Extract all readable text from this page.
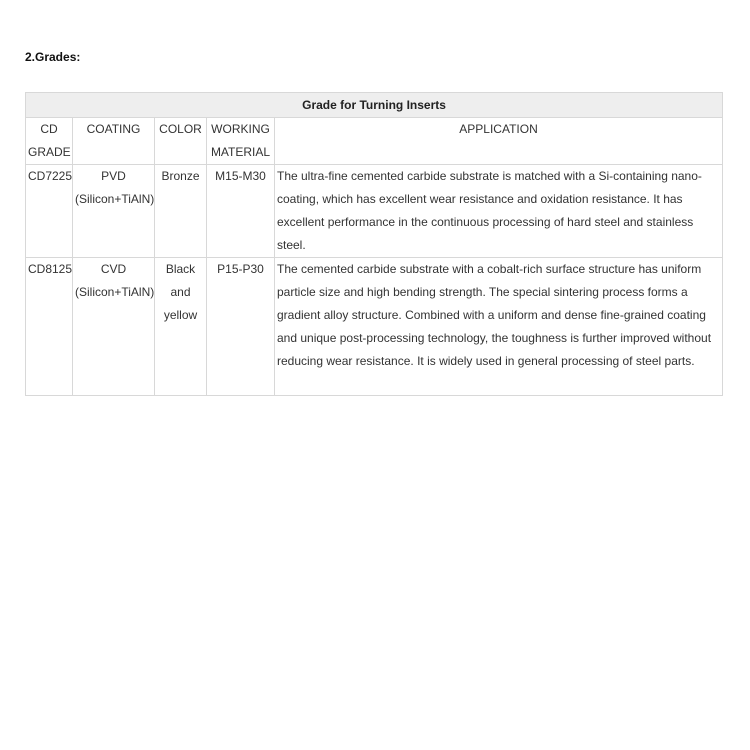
2.Grades:
Grade for Turning Inserts				
CD GRADE	COATING	COLOR	WORKING MATERIAL	APPLICATION
CD7225	PVD (Silicon+TiAlN)	Bronze	M15-M30	The ultra-fine cemented carbide substrate is matched with a Si-containing nano-coating, which has excellent wear resistance and oxidation resistance. It has excellent performance in the continuous processing of hard steel and stainless steel.
CD8125	CVD (Silicon+TiAlN)	Black and yellow	P15-P30	The cemented carbide substrate with a cobalt-rich surface structure has uniform particle size and high bending strength. The special sintering process forms a gradient alloy structure. Combined with a uniform and dense fine-grained coating and unique post-processing technology, the toughness is further improved without reducing wear resistance. It is widely used in general processing of steel parts.
